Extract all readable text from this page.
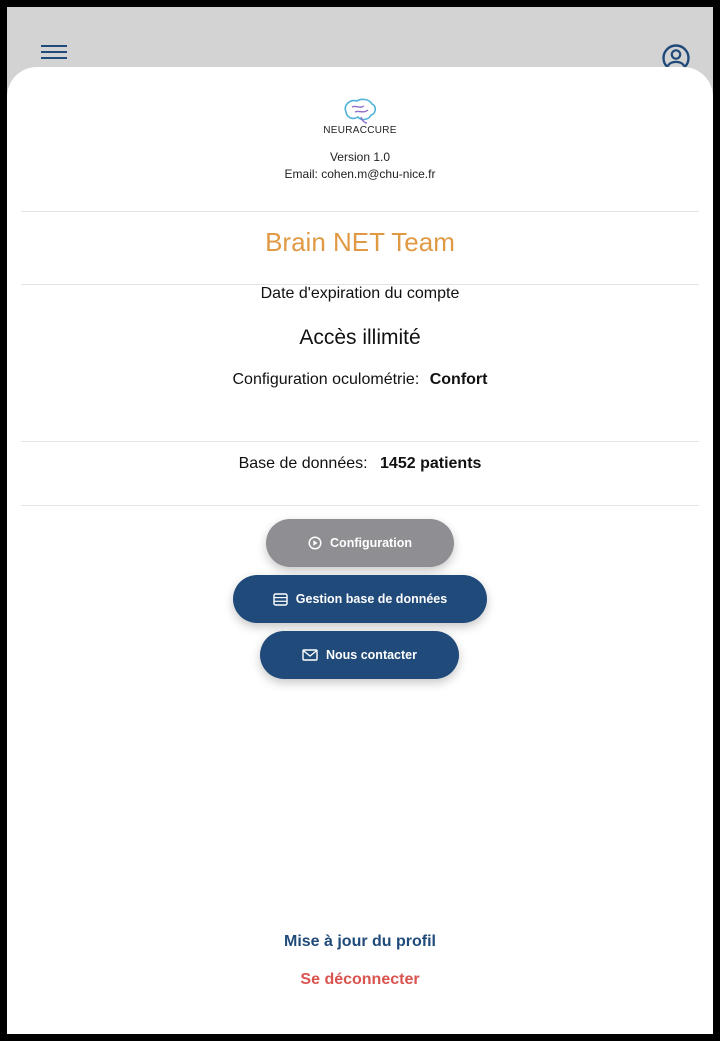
NEURACCURE
Version 1.0
Email: cohen.m@chu-nice.fr
Brain NET Team
Date d'expiration du compte
Accès illimité
Configuration oculométrie: Confort
Base de données: 1452 patients
Configuration
Gestion base de données
Nous contacter
Mise à jour du profil
Se déconnecter
